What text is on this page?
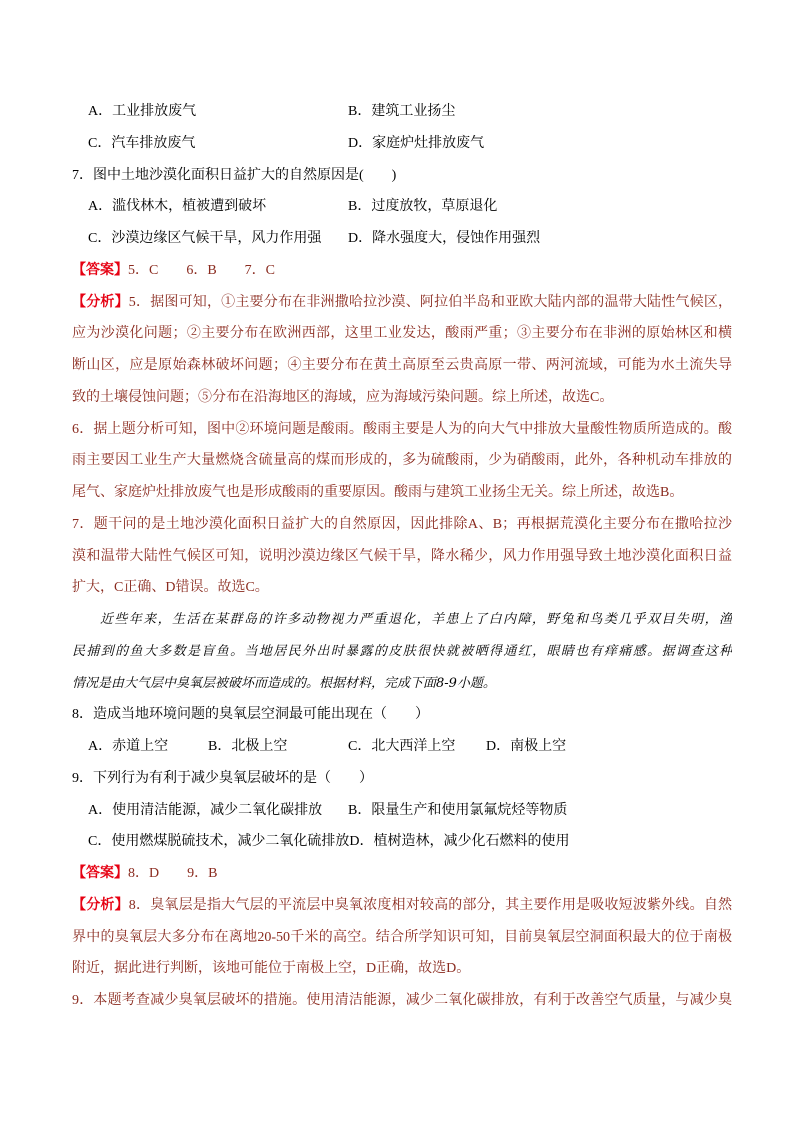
A．工业排放废气	B．建筑工业扬尘
C．汽车排放废气	D．家庭炉灶排放废气
7．图中土地沙漠化面积日益扩大的自然原因是(　　)
A．滥伐林木，植被遭到破坏	B．过度放牧，草原退化
C．沙漠边缘区气候干旱，风力作用强 D．降水强度大，侵蚀作用强烈
【答案】5．C　　6．B　　7．C
【分析】5．据图可知，①主要分布在非洲撒哈拉沙漠、阿拉伯半岛和亚欧大陆内部的温带大陆性气候区，
应为沙漠化问题；②主要分布在欧洲西部，这里工业发达，酸雨严重；③主要分布在非洲的原始林区和横
断山区，应是原始森林破坏问题；④主要分布在黄土高原至云贵高原一带、两河流域，可能为水土流失导
致的土壤侵蚀问题；⑤分布在沿海地区的海域，应为海域污染问题。综上所述，故选C。
6．据上题分析可知，图中②环境问题是酸雨。酸雨主要是人为的向大气中排放大量酸性物质所造成的。酸
雨主要因工业生产大量燃烧含硫量高的煤而形成的，多为硫酸雨，少为硝酸雨，此外，各种机动车排放的
尾气、家庭炉灶排放废气也是形成酸雨的重要原因。酸雨与建筑工业扬尘无关。综上所述，故选B。
7．题干问的是土地沙漠化面积日益扩大的自然原因，因此排除A、B；再根据荒漠化主要分布在撒哈拉沙
漠和温带大陆性气候区可知，说明沙漠边缘区气候干旱，降水稀少，风力作用强导致土地沙漠化面积日益
扩大，C正确、D错误。故选C。
近些年来，生活在某群岛的许多动物视力严重退化，羊患上了白内障，野兔和鸟类几乎双目失明，渔
民捕到的鱼大多数是盲鱼。当地居民外出时暴露的皮肤很快就被晒得通红，眼睛也有痒痛感。据调查这种
情况是由大气层中臭氧层被破坏而造成的。根据材料，完成下面8-9小题。
8．造成当地环境问题的臭氧层空洞最可能出现在（　　）
A．赤道上空	B．北极上空	C．北大西洋上空 D．南极上空
9．下列行为有利于减少臭氧层破坏的是（　　）
A．使用清洁能源，减少二氧化碳排放 B．限量生产和使用氯氟烷烃等物质
C．使用燃煤脱硫技术，减少二氧化硫排放D．植树造林，减少化石燃料的使用
【答案】8．D　　9．B
【分析】8．臭氧层是指大气层的平流层中臭氧浓度相对较高的部分，其主要作用是吸收短波紫外线。自然
界中的臭氧层大多分布在离地20-50千米的高空。结合所学知识可知，目前臭氧层空洞面积最大的位于南极
附近，据此进行判断，该地可能位于南极上空，D正确，故选D。
9．本题考查减少臭氧层破坏的措施。使用清洁能源，减少二氧化碳排放，有利于改善空气质量，与减少臭
